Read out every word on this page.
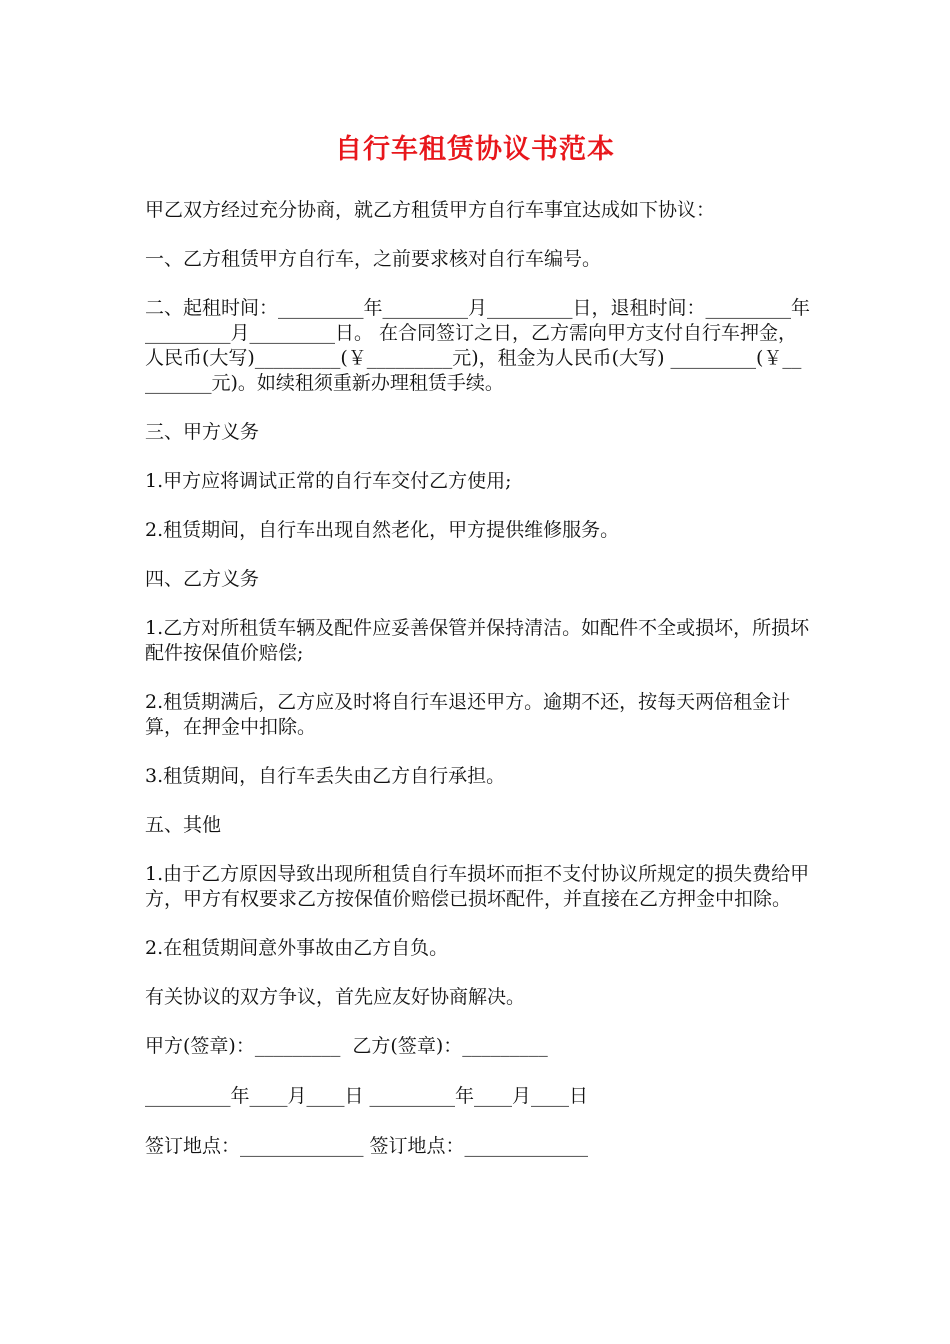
自行车租赁协议书范本

甲乙双方经过充分协商，就乙方租赁甲方自行车事宜达成如下协议：

一、乙方租赁甲方自行车，之前要求核对自行车编号。

二、起租时间：_________年_________月_________日，退租时间：_________年_________月_________日。 在合同签订之日，乙方需向甲方支付自行车押金，人民币(大写)_________(￥_________元)，租金为人民币(大写) _________(￥_________元)。如续租须重新办理租赁手续。

三、甲方义务

1.甲方应将调试正常的自行车交付乙方使用;

2.租赁期间，自行车出现自然老化，甲方提供维修服务。

四、乙方义务

1.乙方对所租赁车辆及配件应妥善保管并保持清洁。如配件不全或损坏，所损坏配件按保值价赔偿;

2.租赁期满后，乙方应及时将自行车退还甲方。逾期不还，按每天两倍租金计算，在押金中扣除。

3.租赁期间，自行车丢失由乙方自行承担。

五、其他

1.由于乙方原因导致出现所租赁自行车损坏而拒不支付协议所规定的损失费给甲方，甲方有权要求乙方按保值价赔偿已损坏配件，并直接在乙方押金中扣除。

2.在租赁期间意外事故由乙方自负。

有关协议的双方争议，首先应友好协商解决。

甲方(签章)：_________  乙方(签章)：_________

_________年____月____日 _________年____月____日

签订地点：_____________ 签订地点：_____________
